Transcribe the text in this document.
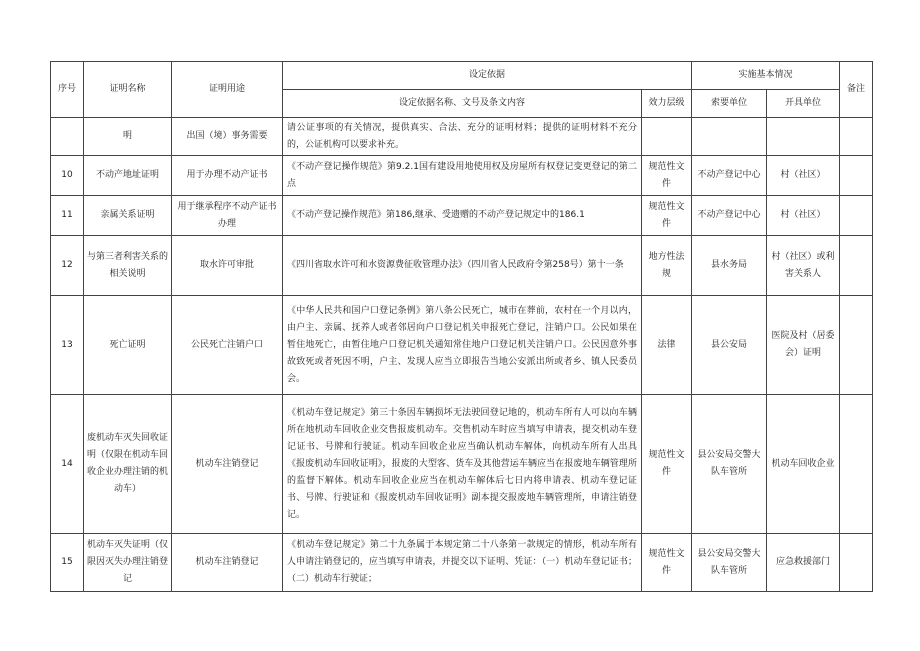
序号	证明名称	证明用途	设定依据		实施基本情况		备注
			设定依据名称、文号及条文内容	效力层级	索要单位	开具单位	
	明	出国（境）事务需要	请公证事项的有关情况，提供真实、合法、充分的证明材料；提供的证明材料不充分的，公证机构可以要求补充。				
10	不动产地址证明	用于办理不动产证书	《不动产登记操作规范》第9.2.1国有建设用地使用权及房屋所有权登记变更登记的第二点	规范性文件	不动产登记中心	村（社区）	
11	亲属关系证明	用于继承程序不动产证书办理	《不动产登记操作规范》第186,继承、受遗赠的不动产登记规定中的186.1	规范性文件	不动产登记中心	村（社区）	
12	与第三者利害关系的相关说明	取水许可审批	《四川省取水许可和水资源费征收管理办法》（四川省人民政府令第258号）第十一条	地方性法规	县水务局	村（社区）或利害关系人	
13	死亡证明	公民死亡注销户口	《中华人民共和国户口登记条例》第八条公民死亡，城市在葬前，农村在一个月以内，由户主、亲属、抚养人或者邻居向户口登记机关申报死亡登记，注销户口。公民如果在暂住地死亡，由暂住地户口登记机关通知常住地户口登记机关注销户口。公民因意外事故致死或者死因不明，户主、发现人应当立即报告当地公安派出所或者乡、镇人民委员会。	法律	县公安局	医院及村（居委会）证明	
14	废机动车灭失回收证明（仅限在机动车回收企业办理注销的机动车）	机动车注销登记	《机动车登记规定》第三十条因车辆损坏无法驶回登记地的，机动车所有人可以向车辆所在地机动车回收企业交售报废机动车。交售机动车时应当填写申请表，提交机动车登记证书、号牌和行驶证。机动车回收企业应当确认机动车解体，向机动车所有人出具《报废机动车回收证明》，报废的大型客、货车及其他营运车辆应当在报废地车辆管理所的监督下解体。机动车回收企业应当在机动车解体后七日内将申请表、机动车登记证书、号牌、行驶证和《报废机动车回收证明》副本提交报废地车辆管理所，申请注销登记。	规范性文件	县公安局交警大队车管所	机动车回收企业	
15	机动车灭失证明（仅限因灭失办理注销登记	机动车注销登记	《机动车登记规定》第二十九条属于本规定第二十八条第一款规定的情形，机动车所有人申请注销登记的，应当填写申请表，并提交以下证明、凭证：（一）机动车登记证书；（二）机动车行驶证；	规范性文件	县公安局交警大队车管所	应急救援部门	
